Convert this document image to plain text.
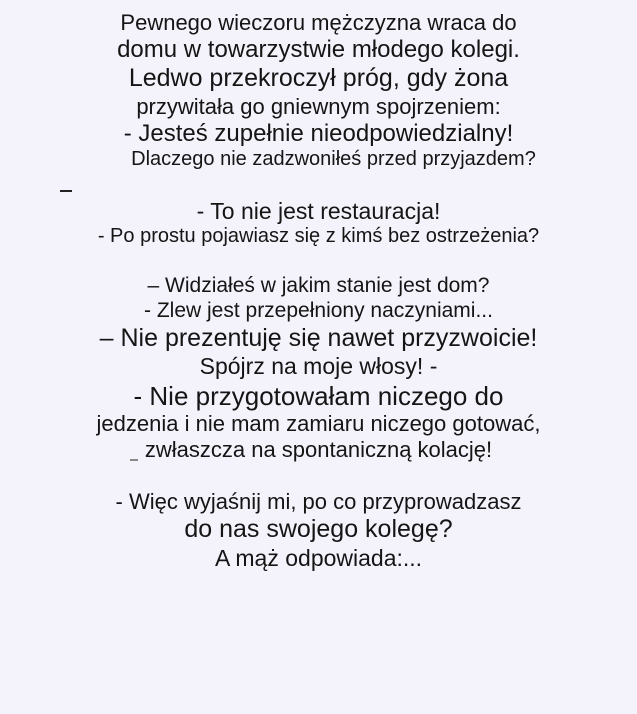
Pewnego wieczoru mężczyzna wraca do
domu w towarzystwie młodego kolegi.
Ledwo przekroczył próg, gdy żona
przywitała go gniewnym spojrzeniem:
- Jesteś zupełnie nieodpowiedzialny!
Dlaczego nie zadzwoniłeś przed przyjazdem?
- To nie jest restauracja!
- Po prostu pojawiasz się z kimś bez ostrzeżenia?
– Widziałeś w jakim stanie jest dom?
- Zlew jest przepełniony naczyniami...
– Nie prezentuję się nawet przyzwoicie!
Spójrz na moje włosy! -
- Nie przygotowałam niczego do
jedzenia i nie mam zamiaru niczego gotować,
zwłaszcza na spontaniczną kolację!
- Więc wyjaśnij mi, po co przyprowadzasz
do nas swojego kolegę?
A mąż odpowiada:...
